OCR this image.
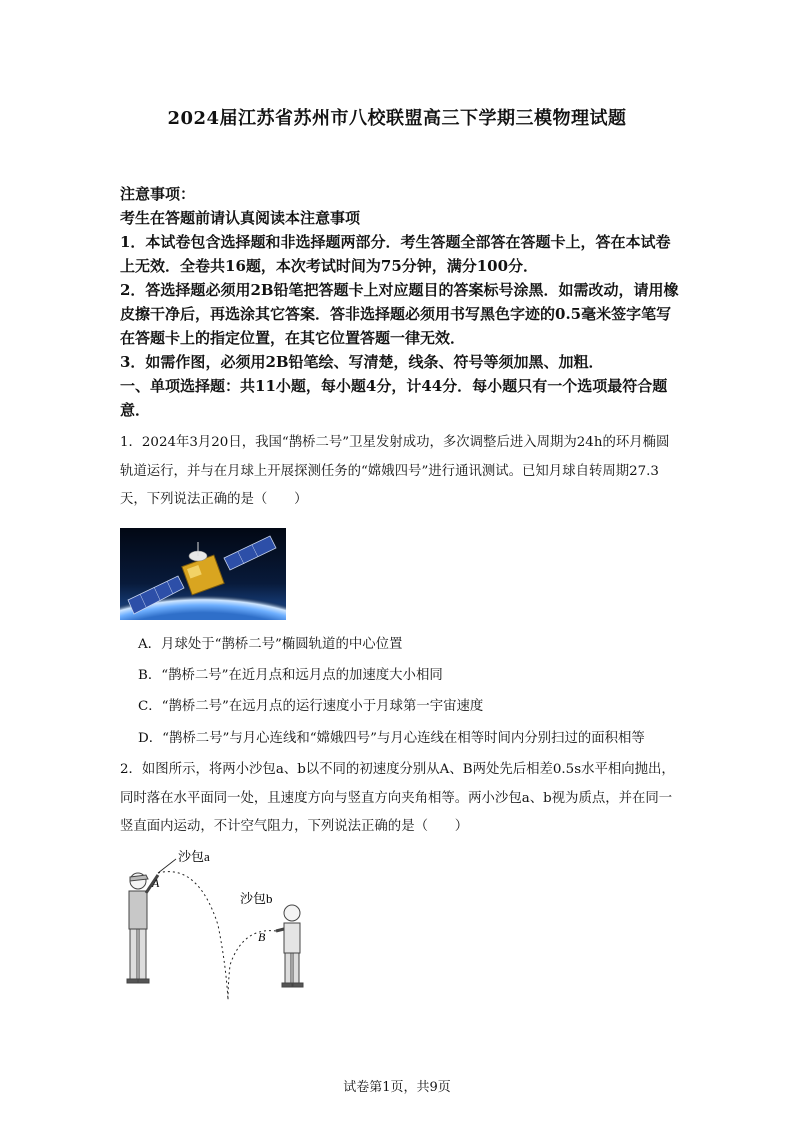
2024届江苏省苏州市八校联盟高三下学期三模物理试题
注意事项：
考生在答题前请认真阅读本注意事项
1．本试卷包含选择题和非选择题两部分．考生答题全部答在答题卡上，答在本试卷上无效．全卷共16题，本次考试时间为75分钟，满分100分．
2．答选择题必须用2B铅笔把答题卡上对应题目的答案标号涂黑．如需改动，请用橡皮擦干净后，再选涂其它答案．答非选择题必须用书写黑色字迹的0.5毫米签字笔写在答题卡上的指定位置，在其它位置答题一律无效．
3．如需作图，必须用2B铅笔绘、写清楚，线条、符号等须加黑、加粗．
一、单项选择题：共11小题，每小题4分，计44分．每小题只有一个选项最符合题意．
1．2024年3月20日，我国“鹊桥二号”卫星发射成功，多次调整后进入周期为24h的环月椭圆轨道运行，并与在月球上开展探测任务的“嫦娥四号”进行通讯测试。已知月球自转周期27.3天，下列说法正确的是（　　）
A．月球处于“鹊桥二号”椭圆轨道的中心位置
B．“鹊桥二号”在近月点和远月点的加速度大小相同
C．“鹊桥二号”在远月点的运行速度小于月球第一宇宙速度
D．“鹊桥二号”与月心连线和“嫦娥四号”与月心连线在相等时间内分别扫过的面积相等
2．如图所示，将两小沙包a、b以不同的初速度分别从A、B两处先后相差0.5s水平相向抛出，同时落在水平面同一处，且速度方向与竖直方向夹角相等。两小沙包a、b视为质点，并在同一竖直面内运动，不计空气阻力，下列说法正确的是（　　）
沙包a
A
沙包b
B
试卷第1页，共9页
